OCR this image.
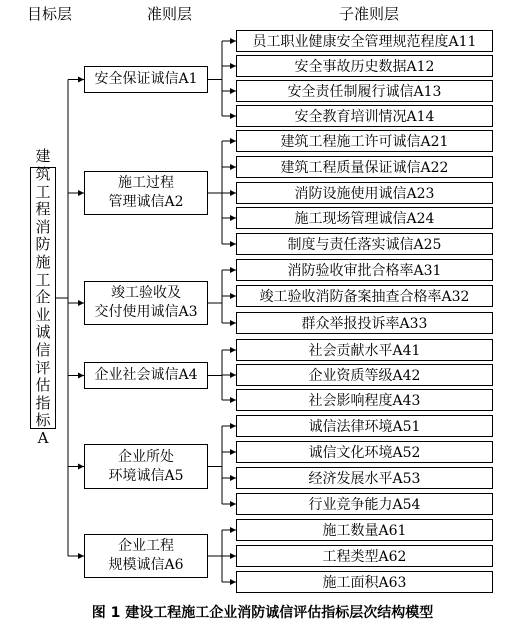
目标层	准则层	子准则层
建筑工程消防施工企业诚信评估指标A
安全保证诚信A1
施工过程
管理诚信A2
竣工验收及
交付使用诚信A3
企业社会诚信A4
企业所处
环境诚信A5
企业工程
规模诚信A6
员工职业健康安全管理规范程度A11
安全事故历史数据A12
安全责任制履行诚信A13
安全教育培训情况A14
建筑工程施工许可诚信A21
建筑工程质量保证诚信A22
消防设施使用诚信A23
施工现场管理诚信A24
制度与责任落实诚信A25
消防验收审批合格率A31
竣工验收消防备案抽查合格率A32
群众举报投诉率A33
社会贡献水平A41
企业资质等级A42
社会影响程度A43
诚信法律环境A51
诚信文化环境A52
经济发展水平A53
行业竞争能力A54
施工数量A61
工程类型A62
施工面积A63
图 1 建设工程施工企业消防诚信评估指标层次结构模型
